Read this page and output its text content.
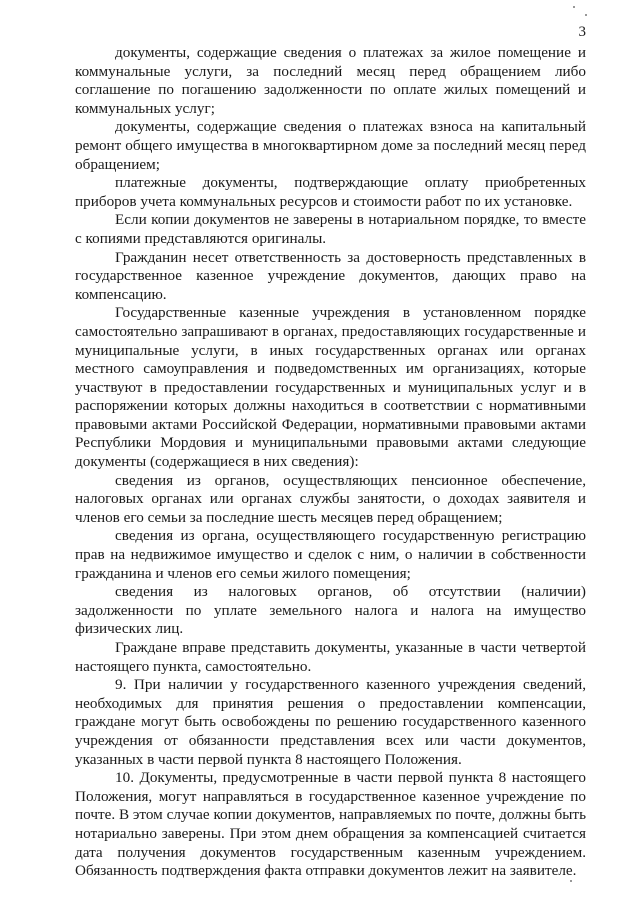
3

документы, содержащие сведения о платежах за жилое помещение и коммунальные услуги, за последний месяц перед обращением либо соглашение по погашению задолженности по оплате жилых помещений и коммунальных услуг;

документы, содержащие сведения о платежах взноса на капитальный ремонт общего имущества в многоквартирном доме за последний месяц перед обращением;

платежные документы, подтверждающие оплату приобретенных приборов учета коммунальных ресурсов и стоимости работ по их установке.

Если копии документов не заверены в нотариальном порядке, то вместе с копиями представляются оригиналы.

Гражданин несет ответственность за достоверность представленных в государственное казенное учреждение документов, дающих право на компенсацию.

Государственные казенные учреждения в установленном порядке самостоятельно запрашивают в органах, предоставляющих государственные и муниципальные услуги, в иных государственных органах или органах местного самоуправления и подведомственных им организациях, которые участвуют в предоставлении государственных и муниципальных услуг и в распоряжении которых должны находиться в соответствии с нормативными правовыми актами Российской Федерации, нормативными правовыми актами Республики Мордовия и муниципальными правовыми актами следующие документы (содержащиеся в них сведения):

сведения из органов, осуществляющих пенсионное обеспечение, налоговых органах или органах службы занятости, о доходах заявителя и членов его семьи за последние шесть месяцев перед обращением;

сведения из органа, осуществляющего государственную регистрацию прав на недвижимое имущество и сделок с ним, о наличии в собственности гражданина и членов его семьи жилого помещения;

сведения из налоговых органов, об отсутствии (наличии) задолженности по уплате земельного налога и налога на имущество физических лиц.

Граждане вправе представить документы, указанные в части четвертой настоящего пункта, самостоятельно.

9. При наличии у государственного казенного учреждения сведений, необходимых для принятия решения о предоставлении компенсации, граждане могут быть освобождены по решению государственного казенного учреждения от обязанности представления всех или части документов, указанных в части первой пункта 8 настоящего Положения.

10. Документы, предусмотренные в части первой пункта 8 настоящего Положения, могут направляться в государственное казенное учреждение по почте. В этом случае копии документов, направляемых по почте, должны быть нотариально заверены. При этом днем обращения за компенсацией считается дата получения документов государственным казенным учреждением. Обязанность подтверждения факта отправки документов лежит на заявителе.
